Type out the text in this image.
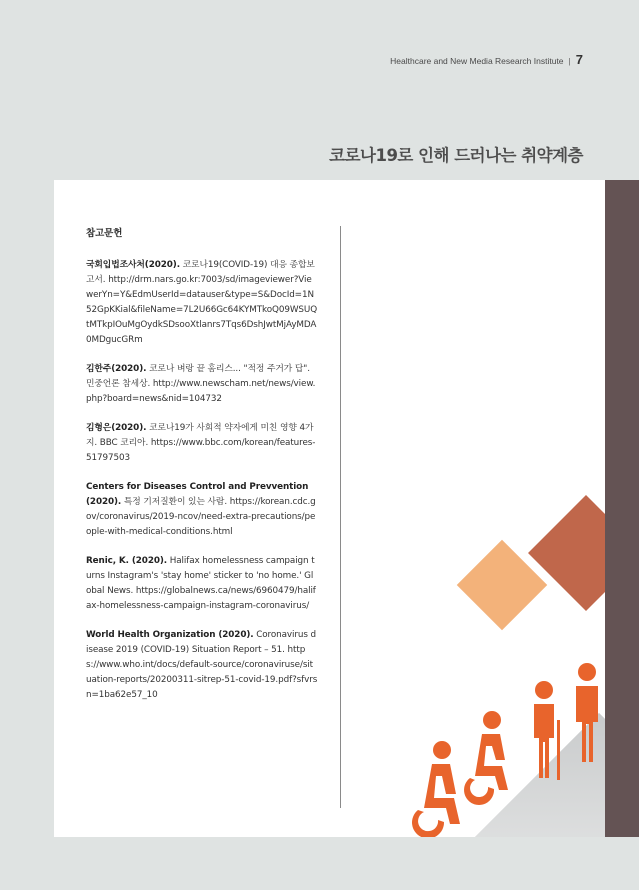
Healthcare and New Media Research Institute | 7
코로나19로 인해 드러나는 취약계층
참고문헌

국회입법조사처(2020). 코로나19(COVID-19) 대응 종합보고서. http://drm.nars.go.kr:7003/sd/imageviewer?ViewerYn=Y&EdmUserId=datauser&type=S&DocId=1N52GpKKial&fileName=7L2U66Gc64KYMTkoQ09WSUQtMTkpIOuMgOydkSDsooXtlanrs7Tqs6DshJwtMjAyMDA0MDgucGRm

김한주(2020). 코로나 벼랑 끝 홈리스... "적정 주거가 답". 민중언론 참세상. http://www.newscham.net/news/view.php?board=news&nid=104732

김형은(2020). 코로나19가 사회적 약자에게 미친 영향 4가지. BBC 코리아. https://www.bbc.com/korean/features-51797503

Centers for Diseases Control and Prevvention(2020). 특정 기저질환이 있는 사람. https://korean.cdc.gov/coronavirus/2019-ncov/need-extra-precautions/people-with-medical-conditions.html

Renic, K. (2020). Halifax homelessness campaign turns Instagram's 'stay home' sticker to 'no home.' Global News. https://globalnews.ca/news/6960479/halifax-homelessness-campaign-instagram-coronavirus/

World Health Organization (2020). Coronavirus disease 2019 (COVID-19) Situation Report – 51. https://www.who.int/docs/default-source/coronaviruse/situation-reports/20200311-sitrep-51-covid-19.pdf?sfvrsn=1ba62e57_10
